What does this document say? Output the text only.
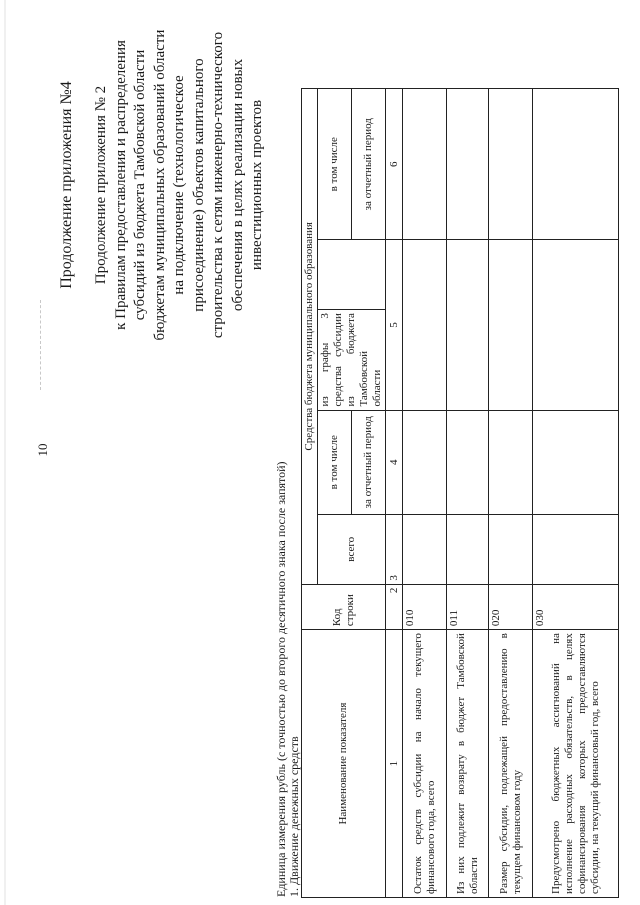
10
Продолжение приложения №4 Продолжение приложения № 2 к Правилам предоставления и распределения субсидий из бюджета Тамбовской области бюджетам муниципальных образований области на подключение (технологическое присоединение) объектов капитального строительства к сетям инженерно-технического обеспечения в целях реализации новых инвестиционных проектов
Единица измерения рубль (с точностью до второго десятичного знака после запятой) 1. Движение денежных средств	Наименование показателя	Код строки	Средства бюджета муниципального образования				
		всего	в том числе	из графы 3 средства субсидии из бюджета Тамбовской области		в том числе
			за отчетный период			за отчетный период
1	2	3	4	5		6
Остаток средств субсидии на начало текущего финансового года, всего	010					
Из них подлежит возврату в бюджет Тамбовской области	011					
Размер субсидии, подлежащей предоставлению в текущем финансовом году	020					
Предусмотрено бюджетных ассигнований на исполнение расходных обязательств, в целях софинансирования которых предоставляются субсидии, на текущий финансовый год, всего	030					
